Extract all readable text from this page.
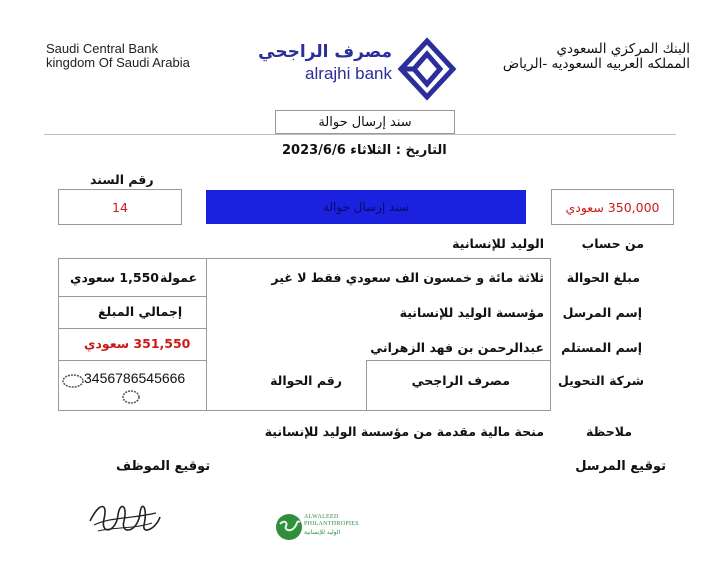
Saudi Central Bank
kingdom Of Saudi Arabia
البنك المركزي السعودي
المملكه العربيه السعوديه -الرياض
مصرف الراجحي
alrajhi bank
سند إرسال حوالة
التاريخ : الثلاثاء 2023/6/6
رقم السند
14	سند إرسال حوالة	350,000 سعودي
من حساب
الوليد للإنسانية
مبلغ الحوالة
ثلاثة مائة و خمسون الف سعودي فقط لا غير
عمولة
1,550 سعودي
إسم المرسل
مؤسسة الوليد للإنسانية
إجمالي المبلغ
إسم المستلم
عبدالرحمن بن فهد الزهراني
351,550 سعودي
شركة التحويل
مصرف الراجحي
رقم الحوالة
3456786545666
ملاحظة
منحة مالية مقدمة من مؤسسة الوليد للإنسانية
توقيع المرسل
توقيع الموظف
ALWALEED
PHILANTHROPIES
الوليد للإنسانية
